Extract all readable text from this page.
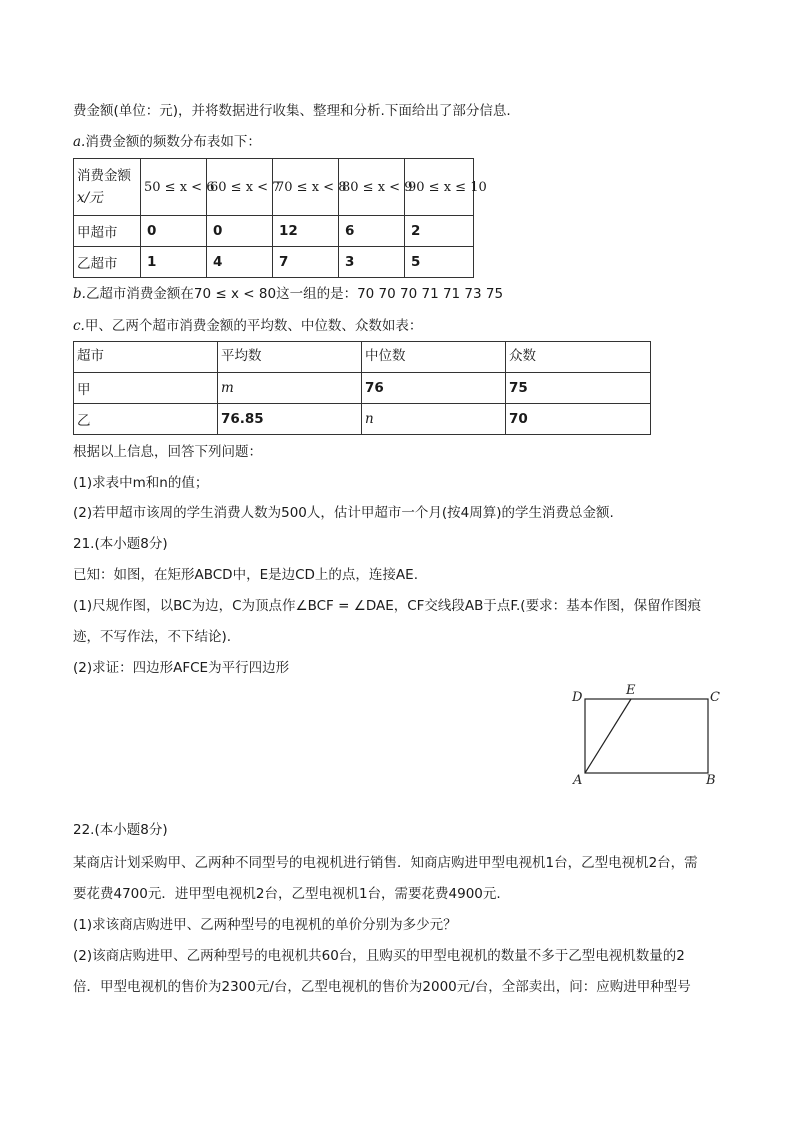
费金额(单位：元)，并将数据进行收集、整理和分析.下面给出了部分信息.
a.消费金额的频数分布表如下：
消费金额
x/元	50 ≤ x < 6	60 ≤ x < 7	70 ≤ x < 8	80 ≤ x < 9	90 ≤ x ≤ 10
甲超市	0	0	12	6	2
乙超市	1	4	7	3	5
b.乙超市消费金额在70 ≤ x < 80这一组的是：70 70 70 71 71 73 75
c.甲、乙两个超市消费金额的平均数、中位数、众数如表：
超市	平均数	中位数	众数
甲	m	76	75
乙	76.85	n	70
根据以上信息，回答下列问题：
(1)求表中m和n的值；
(2)若甲超市该周的学生消费人数为500人，估计甲超市一个月(按4周算)的学生消费总金额.
21.(本小题8分)
已知：如图，在矩形ABCD中，E是边CD上的点，连接AE.
(1)尺规作图，以BC为边，C为顶点作∠BCF = ∠DAE，CF交线段AB于点F.(要求：基本作图，保留作图痕
迹，不写作法，不下结论).
(2)求证：四边形AFCE为平行四边形
D	E	C
A	B
22.(本小题8分)
某商店计划采购甲、乙两种不同型号的电视机进行销售．知商店购进甲型电视机1台，乙型电视机2台，需
要花费4700元．进甲型电视机2台，乙型电视机1台，需要花费4900元.
(1)求该商店购进甲、乙两种型号的电视机的单价分别为多少元？
(2)该商店购进甲、乙两种型号的电视机共60台，且购买的甲型电视机的数量不多于乙型电视机数量的2
倍．甲型电视机的售价为2300元/台，乙型电视机的售价为2000元/台，全部卖出，问：应购进甲种型号
